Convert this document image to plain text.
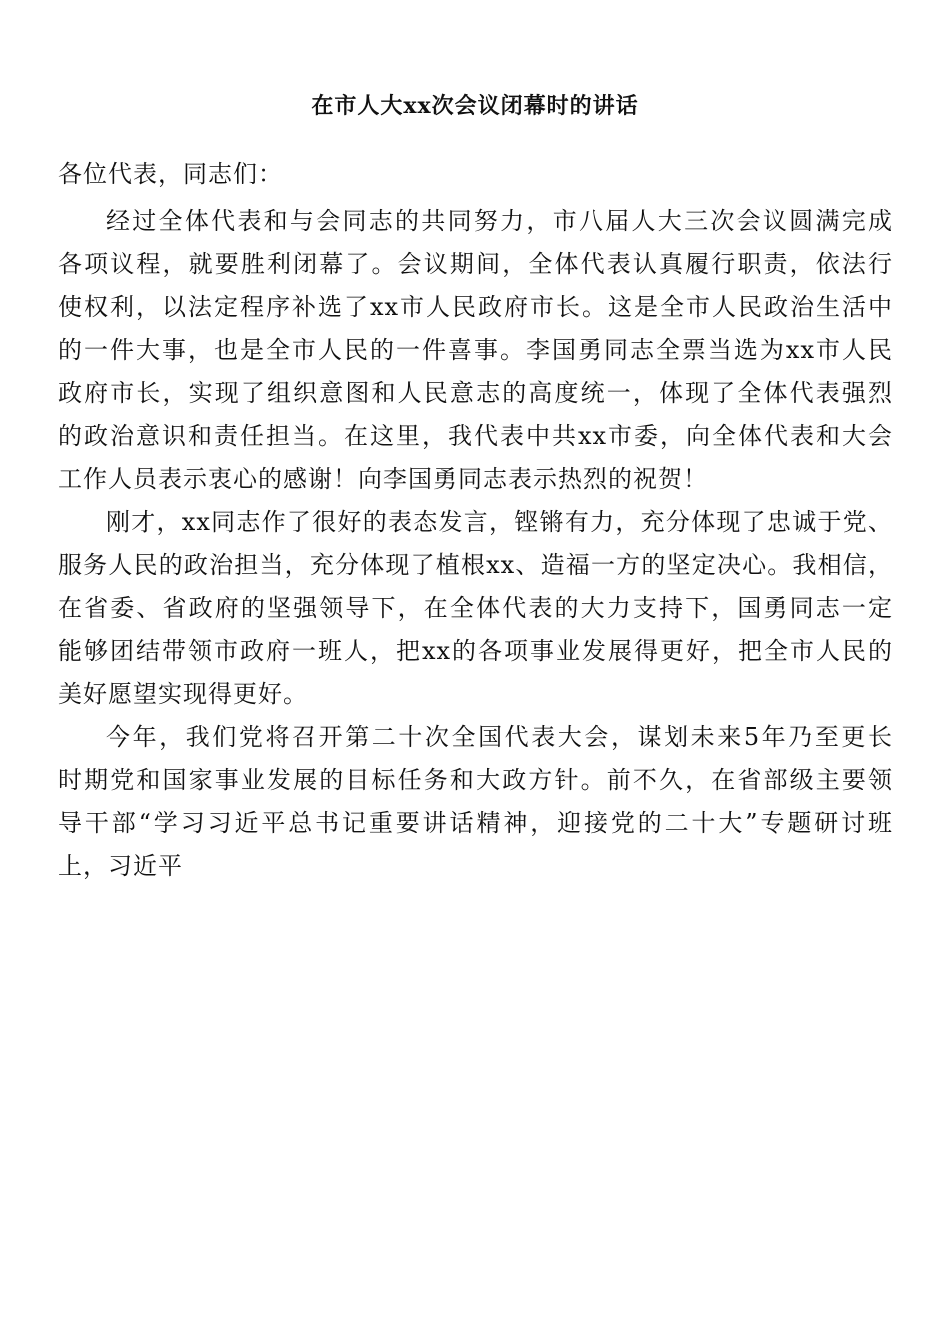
在市人大xx次会议闭幕时的讲话
各位代表，同志们：
经过全体代表和与会同志的共同努力，市八届人大三次会议圆满完成
各项议程，就要胜利闭幕了。会议期间，全体代表认真履行职责，依法行
使权利，以法定程序补选了xx市人民政府市长。这是全市人民政治生活中
的一件大事，也是全市人民的一件喜事。李国勇同志全票当选为xx市人民
政府市长，实现了组织意图和人民意志的高度统一，体现了全体代表强烈
的政治意识和责任担当。在这里，我代表中共xx市委，向全体代表和大会
工作人员表示衷心的感谢！向李国勇同志表示热烈的祝贺！
刚才，xx同志作了很好的表态发言，铿锵有力，充分体现了忠诚于党、
服务人民的政治担当，充分体现了植根xx、造福一方的坚定决心。我相信，
在省委、省政府的坚强领导下，在全体代表的大力支持下，国勇同志一定
能够团结带领市政府一班人，把xx的各项事业发展得更好，把全市人民的
美好愿望实现得更好。
今年，我们党将召开第二十次全国代表大会，谋划未来5年乃至更长
时期党和国家事业发展的目标任务和大政方针。前不久，在省部级主要领
导干部“学习习近平总书记重要讲话精神，迎接党的二十大”专题研讨班
上，习近平
